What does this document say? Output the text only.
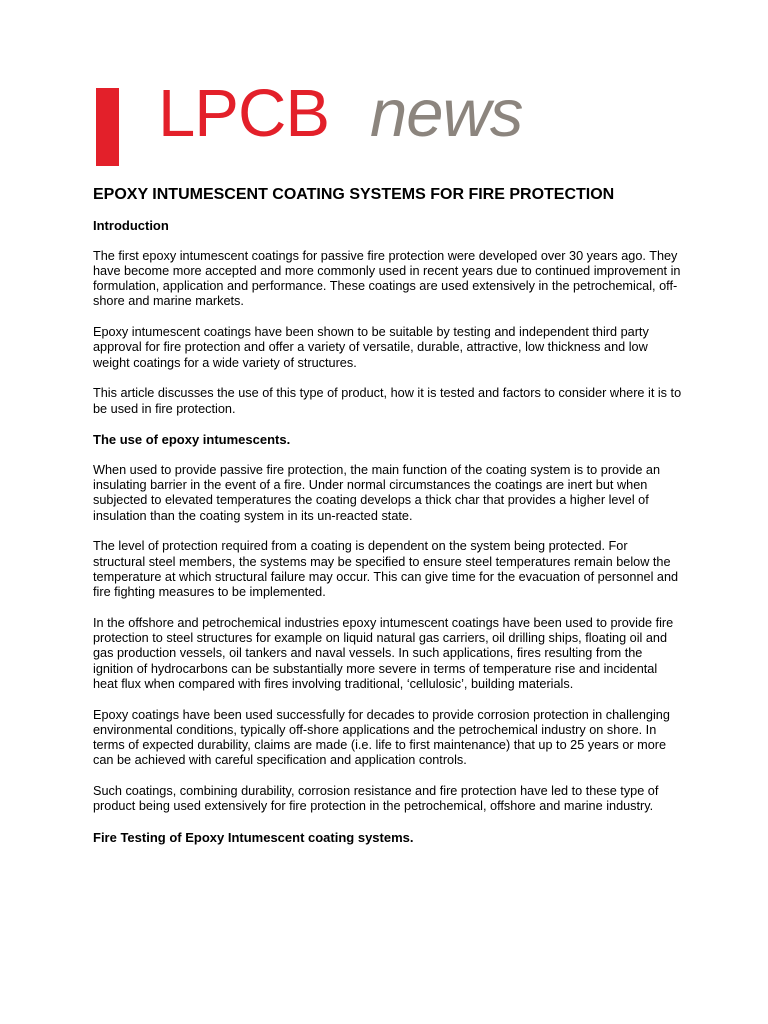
LPCB news
EPOXY INTUMESCENT COATING SYSTEMS FOR FIRE PROTECTION
Introduction

The first epoxy intumescent coatings for passive fire protection were developed over 30 years ago. They have become more accepted and more commonly used in recent years due to continued improvement in formulation, application and performance. These coatings are used extensively in the petrochemical, off-shore and marine markets.

Epoxy intumescent coatings have been shown to be suitable by testing and independent third party approval for fire protection and offer a variety of versatile, durable, attractive, low thickness and low weight coatings for a wide variety of structures.

This article discusses the use of this type of product, how it is tested and factors to consider where it is to be used in fire protection.

The use of epoxy intumescents.

When used to provide passive fire protection, the main function of the coating system is to provide an insulating barrier in the event of a fire. Under normal circumstances the coatings are inert but when subjected to elevated temperatures the coating develops a thick char that provides a higher level of insulation than the coating system in its un-reacted state.

The level of protection required from a coating is dependent on the system being protected. For structural steel members, the systems may be specified to ensure steel temperatures remain below the temperature at which structural failure may occur. This can give time for the evacuation of personnel and fire fighting measures to be implemented.

In the offshore and petrochemical industries epoxy intumescent coatings have been used to provide fire protection to steel structures for example on liquid natural gas carriers, oil drilling ships, floating oil and gas production vessels, oil tankers and naval vessels. In such applications, fires resulting from the ignition of hydrocarbons can be substantially more severe in terms of temperature rise and incidental heat flux when compared with fires involving traditional, ‘cellulosic’, building materials.

Epoxy coatings have been used successfully for decades to provide corrosion protection in challenging environmental conditions, typically off-shore applications and the petrochemical industry on shore. In terms of expected durability, claims are made (i.e. life to first maintenance) that up to 25 years or more can be achieved with careful specification and application controls.

Such coatings, combining durability, corrosion resistance and fire protection have led to these type of product being used extensively for fire protection in the petrochemical, offshore and marine industry.

Fire Testing of Epoxy Intumescent coating systems.
